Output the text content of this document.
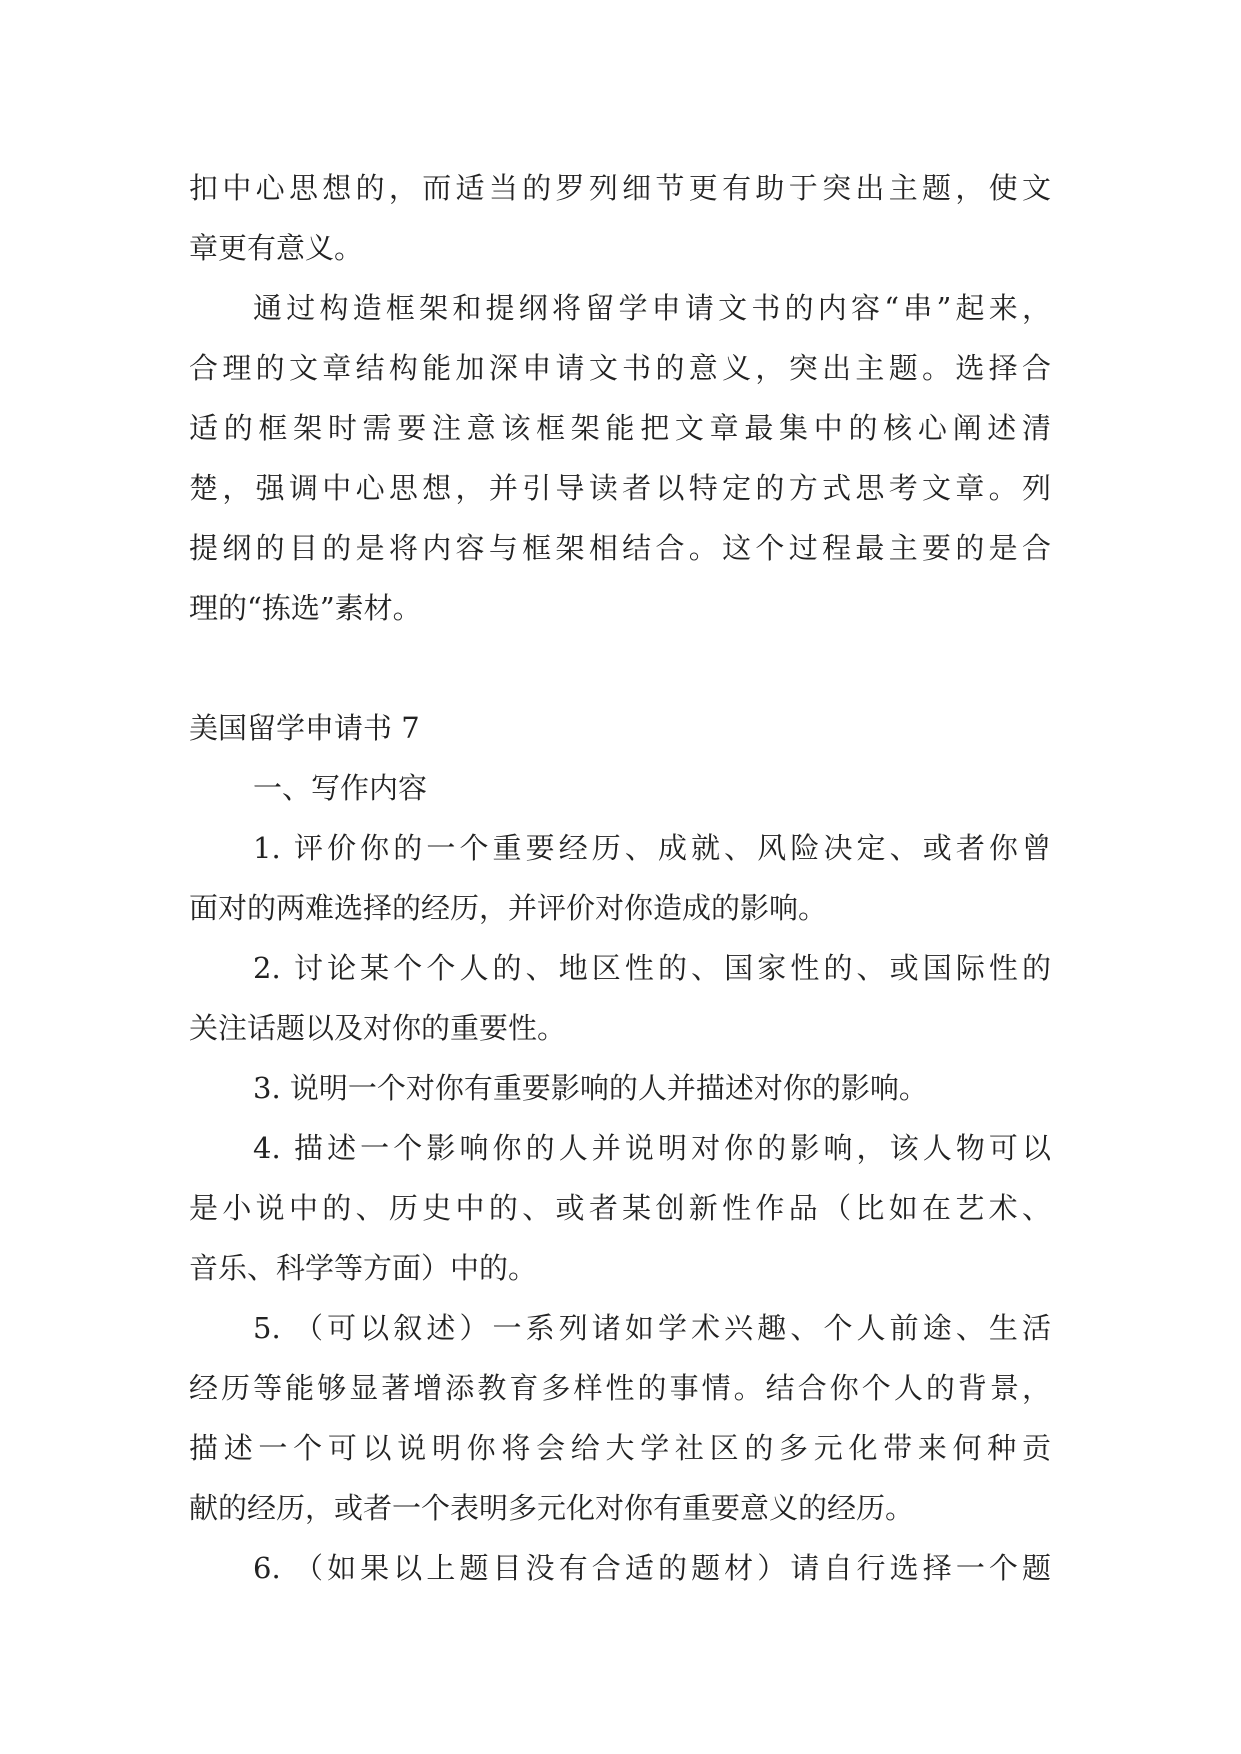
扣中心思想的，而适当的罗列细节更有助于突出主题，使文
章更有意义。
通过构造框架和提纲将留学申请文书的内容“串”起来，
合理的文章结构能加深申请文书的意义，突出主题。选择合
适的框架时需要注意该框架能把文章最集中的核心阐述清
楚，强调中心思想，并引导读者以特定的方式思考文章。列
提纲的目的是将内容与框架相结合。这个过程最主要的是合
理的“拣选”素材。
美国留学申请书 7
一、写作内容
1. 评价你的一个重要经历、成就、风险决定、或者你曾
面对的两难选择的经历，并评价对你造成的影响。
2. 讨论某个个人的、地区性的、国家性的、或国际性的
关注话题以及对你的重要性。
3. 说明一个对你有重要影响的人并描述对你的影响。
4. 描述一个影响你的人并说明对你的影响，该人物可以
是小说中的、历史中的、或者某创新性作品（比如在艺术、
音乐、科学等方面）中的。
5. （可以叙述）一系列诸如学术兴趣、个人前途、生活
经历等能够显著增添教育多样性的事情。结合你个人的背景，
描述一个可以说明你将会给大学社区的多元化带来何种贡
献的经历，或者一个表明多元化对你有重要意义的经历。
6. （如果以上题目没有合适的题材）请自行选择一个题
